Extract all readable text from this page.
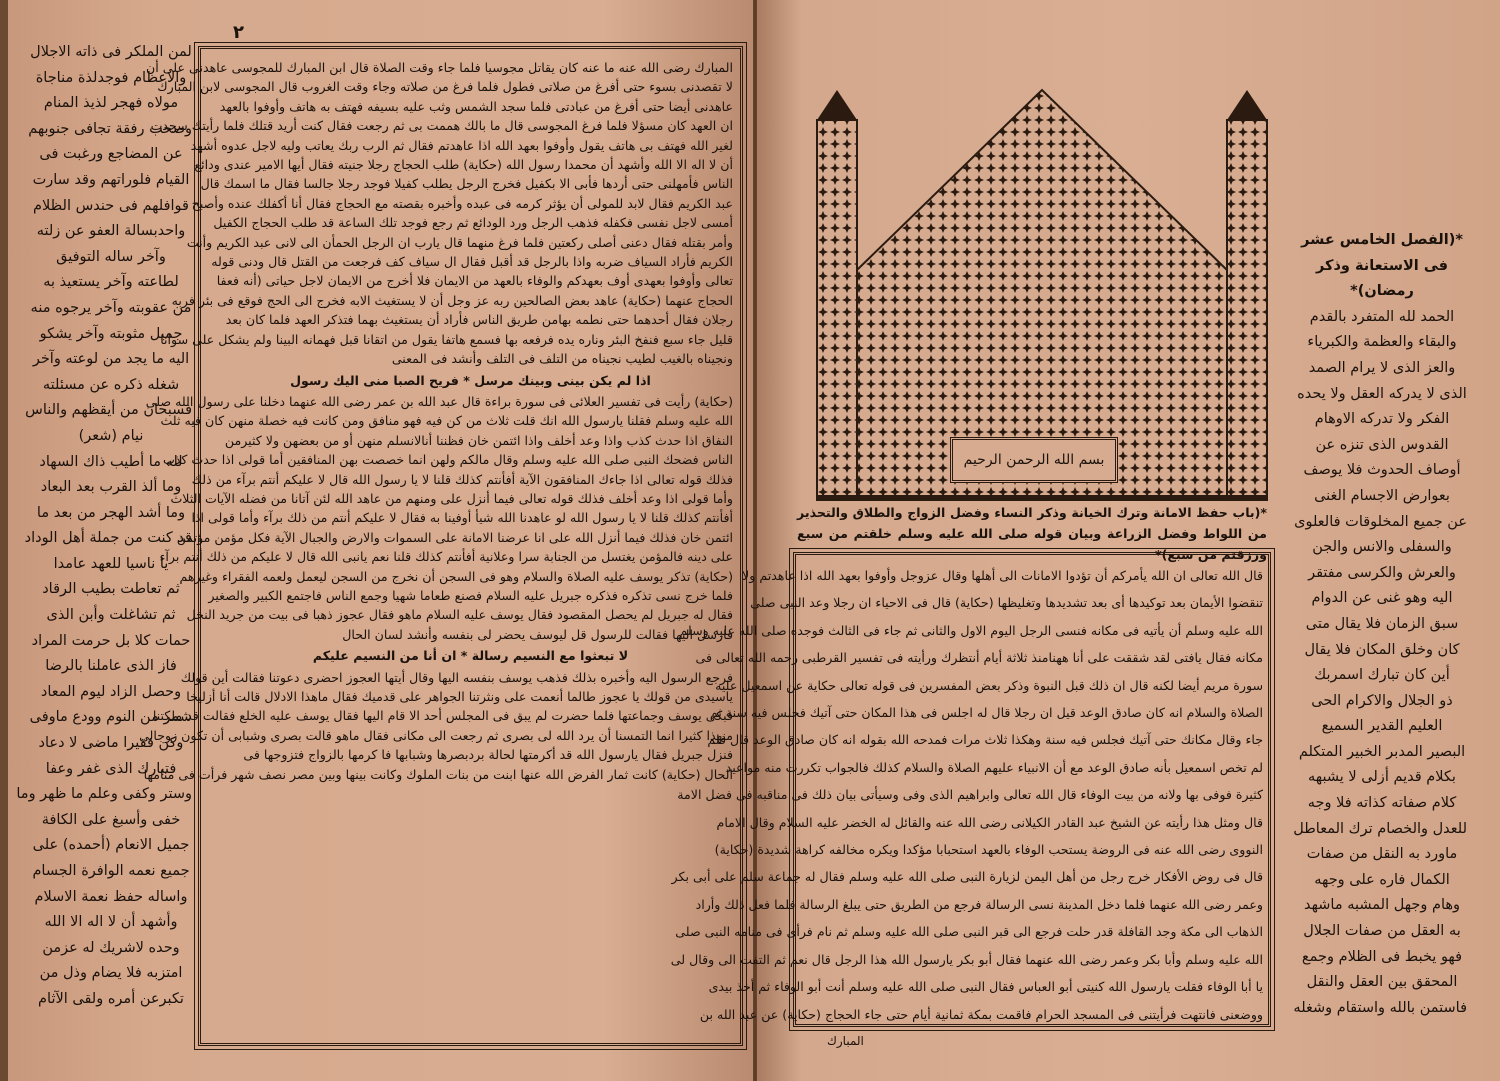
٢

لمن الملكر فى ذاته الاجلال

والاعظام فوجدلذة مناجاة

مولاه فهجر لذيذ المنام

وصحب رفقة تجافى جنوبهم

عن المضاجع ورغبت فى

القيام فلوراتهم وقد سارت

قوافلهم فى حندس الظلام

واحدبسالة العفو عن زلته

وآخر ساله التوفيق

لطاعته وآخر يستعيذ به

من عقوبته وآخر يرجوه منه

جميل مثوبته وآخر يشكو

اليه ما يجد من لوعته وآخر

شغله ذكره عن مسئلته

فسبحان من أيقظهم والناس

نيام (شعر)

لله ما أطيب ذاك السهاد

وما ألذ القرب بعد البعاد

وما أشد الهجر من بعد ما

قد كنت من جملة أهل الوداد

يا ناسيا للعهد عامدا

ثم تعاطت بطيب الرقاد

ثم تشاغلت وأبن الذى

حمات كلا بل حرمت المراد

فاز الذى عاملنا بالرضا

وحصل الزاد ليوم المعاد

شمر من النوم وودع ماوفى

وكن فقيرا ماضى لا دعاد

فتبارك الذى غفر وعفا

وستر وكفى وعلم ما ظهر وما

خفى وأسبغ على الكافة

جميل الانعام (أحمده) على

جميع نعمه الوافرة الجسام

واساله حفظ نعمة الاسلام

وأشهد أن لا اله الا الله

وحده لاشريك له عزمن

امتزبه فلا يضام وذل من

تكبرعن أمره ولقى الآثام

المبارك رضى الله عنه ما عنه كان يقاتل مجوسيا فلما جاء وقت الصلاة قال ابن المبارك للمجوسى عاهدنى على أن

لا تقصدنى بسوء حتى أفرغ من صلاتى فطول فلما فرغ من صلاته وجاء وقت الغروب قال المجوسى لابن المبارك

عاهدنى أيضا حتى أفرغ من عبادتى فلما سجد الشمس وثب عليه بسيفه فهتف به هاتف وأوفوا بالعهد

ان العهد كان مسؤلا فلما فرغ المجوسى قال ما بالك هممت بى ثم رجعت فقال كنت أريد قتلك فلما رأيتك سجدت

لغير الله فهتف بى هاتف يقول وأوفوا بعهد الله اذا عاهدتم فقال ثم الرب ربك يعاتب وليه لاجل عدوه أشهد

أن لا اله الا الله وأشهد أن محمدا رسول الله (حكاية) طلب الحجاج رجلا جنيته فقال أيها الامير عندى ودائع

الناس فأمهلنى حتى أردها فأبى الا بكفيل فخرج الرجل يطلب كفيلا فوجد رجلا جالسا فقال ما اسمك قال

عبد الكريم فقال لابد للمولى أن يؤثر كرمه فى عبده وأخبره بقصته مع الحجاج فقال أنا أكفلك عنده وأصبح

أمسى لاجل نفسى فكفله فذهب الرجل ورد الودائع ثم رجع فوجد تلك الساعة قد طلب الحجاج الكفيل

وأمر بقتله فقال دعنى أصلى ركعتين فلما فرغ منهما قال يارب ان الرجل الحمأن الى لانى عبد الكريم وأنت

الكريم فأراد السياف ضربه واذا بالرجل قد أقبل فقال ال سياف كف فرجعت من القتل قال ودنى قوله

تعالى وأوفوا بعهدى أوف بعهدكم والوفاء بالعهد من الايمان فلا أخرج من الايمان لاجل حياتى (أنه فعفا

الحجاج عنهما (حكاية) عاهد بعض الصالحين ربه عز وجل أن لا يستغيث الابه فخرج الى الحج فوقع فى بئر فربه

رجلان فقال أحدهما حتى نطمه بهامن طريق الناس فأراد أن يستغيث بهما فتذكر العهد فلما كان بعد

قليل جاء سبع فنفخ البئر وناره يده فرفعه بها فسمع هاتفا يقول من اتقانا قبل فهمانه البينا ولم يشكل على سوانا

ونجيناه بالغيب لطيب نجيناه من التلف فى التلف وأنشد فى المعنى

اذا لم يكن بينى وبينك مرسل * فريح الصبا منى اليك رسول

(حكاية) رأيت فى تفسير العلائى فى سورة براءة قال عبد الله بن عمر رضى الله عنهما دخلنا على رسول الله صلى

الله عليه وسلم فقلنا يارسول الله انك قلت ثلاث من كن فيه فهو منافق ومن كانت فيه خصلة منهن كان فيه ثلث

النفاق اذا حدث كذب واذا وعد أخلف واذا ائتمن خان فظننا أنالانسلم منهن أو من بعضهن ولا كثيرمن

الناس فضحك النبى صلى الله عليه وسلم وقال مالكم ولهن انما خصصت بهن المنافقين أما قولى اذا حدث كذب

فذلك قوله تعالى اذا جاءك المنافقون الآية أفأنتم كذلك قلنا لا يا رسول الله قال لا عليكم أنتم برآء من ذلك

وأما قولى اذا وعد أخلف فذلك قوله تعالى فيما أنزل على ومنهم من عاهد الله لئن آتانا من فضله الآيات الثلاث

أفأنتم كذلك قلنا لا يا رسول الله لو عاهدنا الله شيأ أوفينا به فقال لا عليكم أنتم من ذلك برآء وأما قولى اذا

ائتمن خان فذلك فيما أنزل الله على انا عرضنا الامانة على السموات والارض والجبال الآية فكل مؤمن مؤتمن

على دينه فالمؤمن يغتسل من الجنابة سرا وعلانية أفأنتم كذلك قلنا نعم يانبى الله قال لا عليكم من ذلك أنتم برآء

(حكاية) تذكر يوسف عليه الصلاة والسلام وهو فى السجن أن نخرج من السجن ليعمل ولعمه الفقراء وغيرهم

فلما خرج نسى تذكره فذكره جبريل عليه السلام فصنع طعاما شهيا وجمع الناس فاجتمع الكبير والصغير

فقال له جبريل لم يحصل المقصود فقال يوسف عليه السلام ماهو فقال عجوز ذهبا فى بيت من جريد النخل

فارسل اليها فقالت للرسول قل ليوسف يحضر لى بنفسه وأنشد لسان الحال

لا تبعثوا مع النسيم رسالة * ان أنا من النسيم عليكم

فرجع الرسول اليه وأخبره بذلك فذهب يوسف بنفسه اليها وقال أيتها العجوز احضرى دعوتنا فقالت أين قولك

ياسيدى من قولك يا عجوز طالما أنعمت على ونثرتنا الجواهر على قدميك فقال ماهذا الادلال قالت أنا أزليخا

فبكى يوسف وجماعتها فلما حضرت لم يبق فى المجلس أحد الا قام اليها فقال يوسف عليه الخلع فقالت قد ملكتنا

منهذا كثيرا انما التمسنا أن يرد الله لى بصرى ثم رجعت الى مكانى فقال ماهو قالت بصرى وشبابى أن تكون زوجالى

فنزل جبريل فقال يارسول الله قد أكرمتها لحالة بردبصرها وشبابها فا كرمها بالزواج فتزوجها فى

الحال (حكاية) كانت ثمار الفرض الله عنها ابنت من بنات الملوك وكانت بينها وبين مصر نصف شهر فرأت فى منامها

بسم الله الرحمن الرحيم
*(باب حفظ الامانة وترك الخيانة وذكر النساء وفضل الزواج والطلاق والتحذير من اللواط وفضل الزراعة وبيان قوله صلى الله عليه وسلم خلقتم من سبع ورزقتم من سبع)*

قال الله تعالى ان الله يأمركم أن تؤدوا الامانات الى أهلها وقال عزوجل وأوفوا بعهد الله اذا عاهدتم ولا

تنقضوا الأيمان بعد توكيدها أى بعد تشديدها وتغليظها (حكاية) قال فى الاحياء ان رجلا وعد النبى صلى

الله عليه وسلم أن يأتيه فى مكانه فنسى الرجل اليوم الاول والثانى ثم جاء فى الثالث فوجده صلى الله عليه وسلم

مكانه فقال يافتى لقد شققت على أنا ههنامنذ ثلاثة أيام أنتظرك ورأيته فى تفسير القرطبى رحمه الله تعالى فى

سورة مريم أيضا لكنه قال ان ذلك قبل النبوة وذكر بعض المفسرين فى قوله تعالى حكاية عن اسمعيل عليه

الصلاة والسلام انه كان صادق الوعد قيل ان رجلا قال له اجلس فى هذا المكان حتى آتيك فجلس فيه سنة ثم

جاء وقال مكانك حتى آتيك فجلس فيه سنة وهكذا ثلاث مرات فمدحه الله بقوله انه كان صادق الوعد قال فلم

لم تخص اسمعيل بأنه صادق الوعد مع أن الانبياء عليهم الصلاة والسلام كذلك فالجواب تكررت منه مواعيد

كثيرة فوفى بها ولانه من بيت الوفاء قال الله تعالى وابراهيم الذى وفى وسيأتى بيان ذلك فى مناقبه فى فضل الامة

قال ومثل هذا رأيته عن الشيخ عبد القادر الكيلانى رضى الله عنه والقائل له الخضر عليه السلام وقال الامام

النووى رضى الله عنه فى الروضة يستحب الوفاء بالعهد استحبابا مؤكدا ويكره مخالفه كراهة شديدة (حكاية)

قال فى روض الأفكار خرج رجل من أهل اليمن لزيارة النبى صلى الله عليه وسلم فقال له جماعة سلم على أبى بكر

وعمر رضى الله عنهما فلما دخل المدينة نسى الرسالة فرجع من الطريق حتى يبلغ الرسالة فلما فعل ذلك وأراد

الذهاب الى مكة وجد القافلة قدر حلت فرجع الى قبر النبى صلى الله عليه وسلم ثم نام فرأى فى منامه النبى صلى

الله عليه وسلم وأبا بكر وعمر رضى الله عنهما فقال أبو بكر يارسول الله هذا الرجل قال نعم ثم التفت الى وقال لى

يا أبا الوفاء فقلت يارسول الله كنيتى أبو العباس فقال النبى صلى الله عليه وسلم أنت أبو الوفاء ثم أخذ بيدى

ووضعنى فانتهت فرأيتنى فى المسجد الحرام فاقمت بمكة ثمانية أيام حتى جاء الحجاج (حكاية) عن عبد الله بن

المبارك

*(الفصل الخامس عشر

فى الاستعانة وذكر

رمضان)*

الحمد لله المتفرد بالقدم

والبقاء والعظمة والكبرياء

والعز الذى لا يرام الصمد

الذى لا يدركه العقل ولا يحده

الفكر ولا تدركه الاوهام

القدوس الذى تنزه عن

أوصاف الحدوث فلا يوصف

بعوارض الاجسام الغنى

عن جميع المخلوقات فالعلوى

والسفلى والانس والجن

والعرش والكرسى مفتقر

اليه وهو غنى عن الدوام

سبق الزمان فلا يقال متى

كان وخلق المكان فلا يقال

أين كان تبارك اسمربك

ذو الجلال والاكرام الحى

العليم القدير السميع

البصير المدبر الخبير المتكلم

بكلام قديم أزلى لا يشبهه

كلام صفاته كذاته فلا وجه

للعدل والخصام ترك المعاطل

ماورد به النقل من صفات

الكمال فاره على وجهه

وهام وجهل المشبه ماشهد

به العقل من صفات الجلال

فهو يخبط فى الظلام وجمع

المحقق بين العقل والنقل

فاستمن بالله واستقام وشغله
